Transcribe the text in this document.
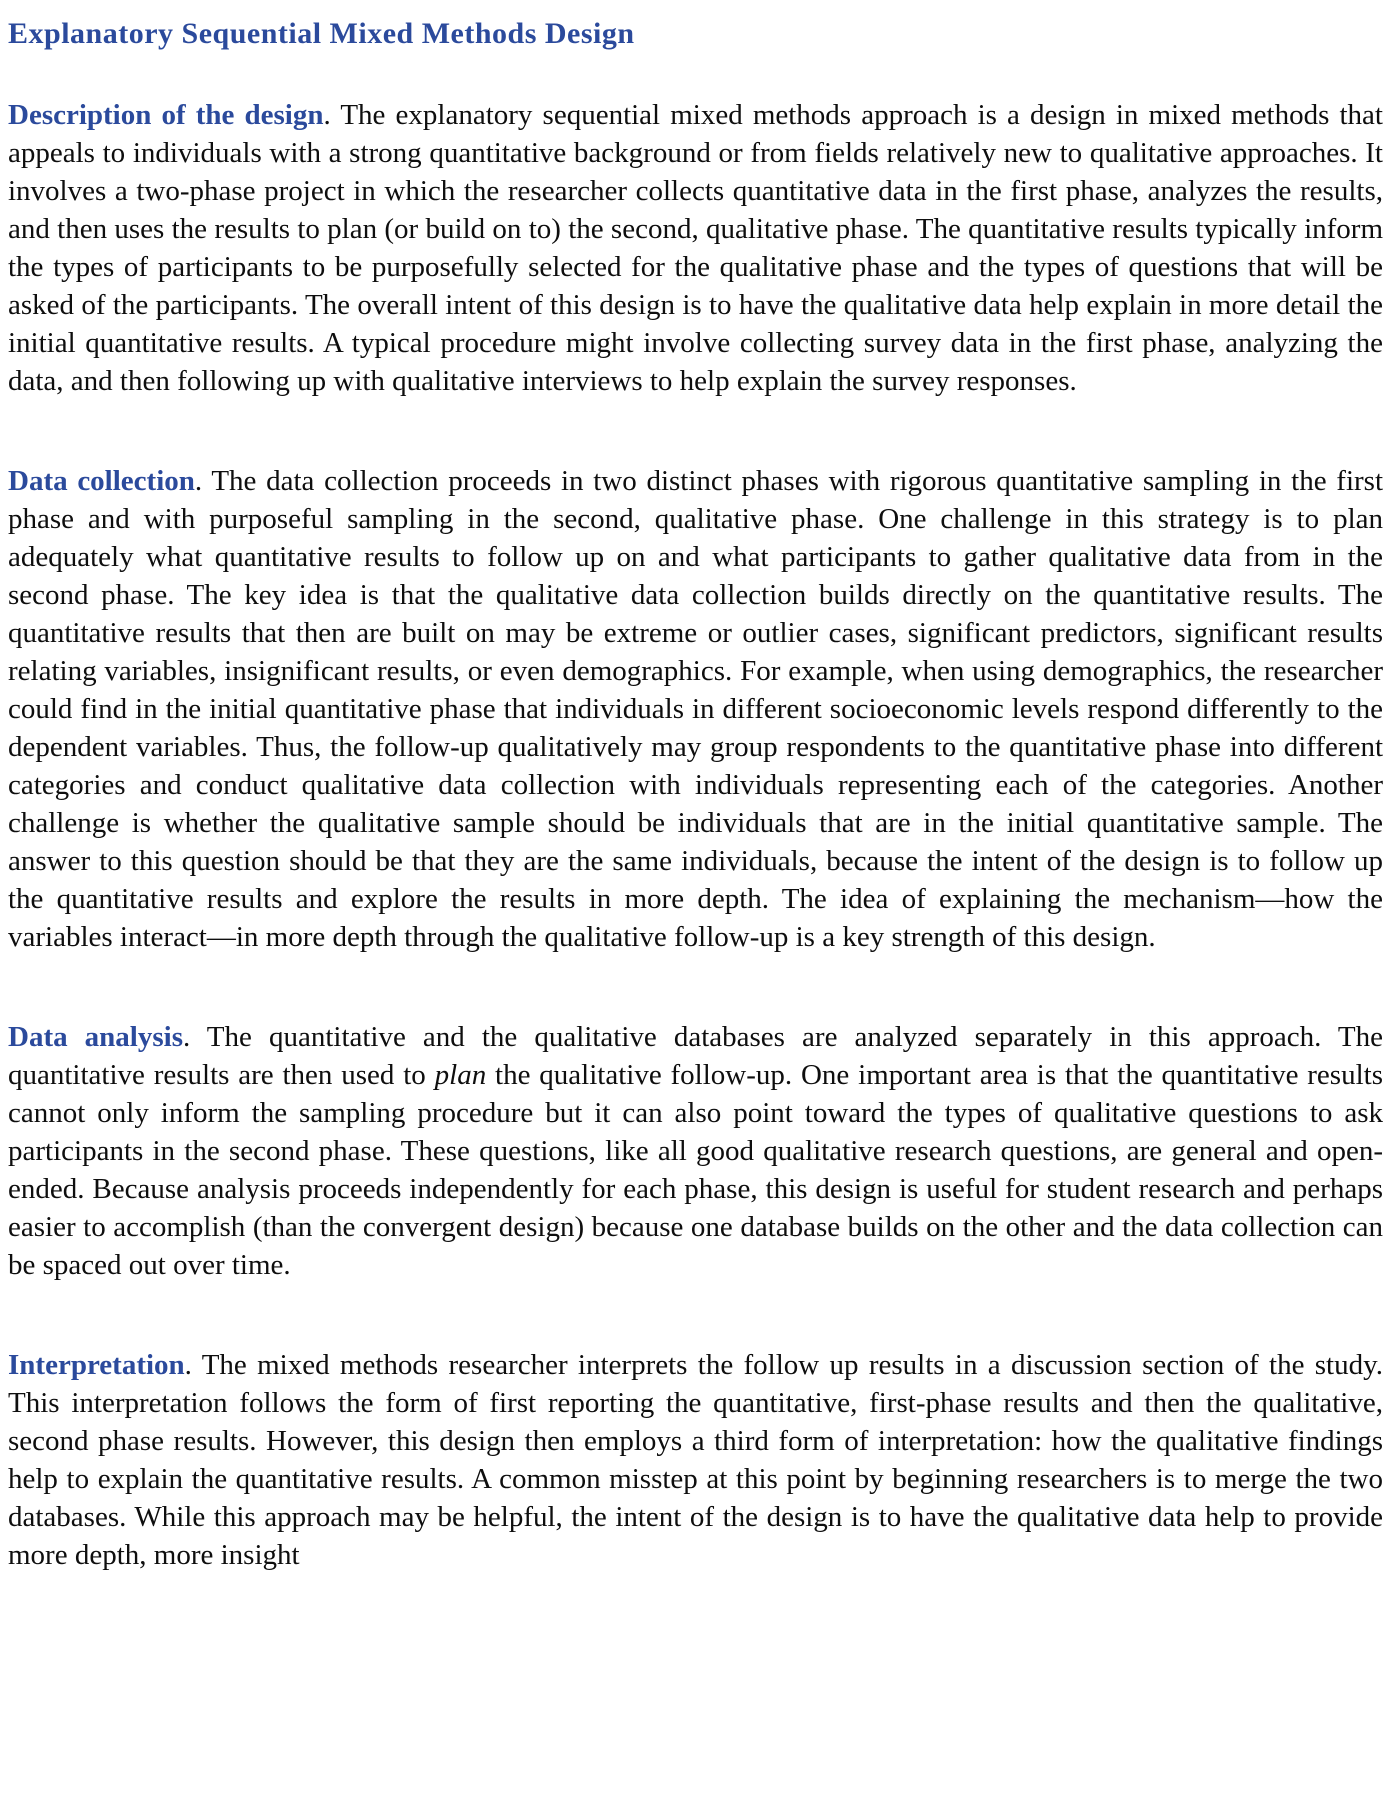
Explanatory Sequential Mixed Methods Design

Description of the design. The explanatory sequential mixed methods approach is a design in mixed methods that appeals to individuals with a strong quantitative background or from fields relatively new to qualitative approaches. It involves a two-phase project in which the researcher collects quantitative data in the first phase, analyzes the results, and then uses the results to plan (or build on to) the second, qualitative phase. The quantitative results typically inform the types of participants to be purposefully selected for the qualitative phase and the types of questions that will be asked of the participants. The overall intent of this design is to have the qualitative data help explain in more detail the initial quantitative results. A typical procedure might involve collecting survey data in the first phase, analyzing the data, and then following up with qualitative interviews to help explain the survey responses.

Data collection. The data collection proceeds in two distinct phases with rigorous quantitative sampling in the first phase and with purposeful sampling in the second, qualitative phase. One challenge in this strategy is to plan adequately what quantitative results to follow up on and what participants to gather qualitative data from in the second phase. The key idea is that the qualitative data collection builds directly on the quantitative results. The quantitative results that then are built on may be extreme or outlier cases, significant predictors, significant results relating variables, insignificant results, or even demographics. For example, when using demographics, the researcher could find in the initial quantitative phase that individuals in different socioeconomic levels respond differently to the dependent variables. Thus, the follow-up qualitatively may group respondents to the quantitative phase into different categories and conduct qualitative data collection with individuals representing each of the categories. Another challenge is whether the qualitative sample should be individuals that are in the initial quantitative sample. The answer to this question should be that they are the same individuals, because the intent of the design is to follow up the quantitative results and explore the results in more depth. The idea of explaining the mechanism—how the variables interact—in more depth through the qualitative follow-up is a key strength of this design.

Data analysis. The quantitative and the qualitative databases are analyzed separately in this approach. The quantitative results are then used to plan the qualitative follow-up. One important area is that the quantitative results cannot only inform the sampling procedure but it can also point toward the types of qualitative questions to ask participants in the second phase. These questions, like all good qualitative research questions, are general and open-ended. Because analysis proceeds independently for each phase, this design is useful for student research and perhaps easier to accomplish (than the convergent design) because one database builds on the other and the data collection can be spaced out over time.

Interpretation. The mixed methods researcher interprets the follow up results in a discussion section of the study. This interpretation follows the form of first reporting the quantitative, first-phase results and then the qualitative, second phase results. However, this design then employs a third form of interpretation: how the qualitative findings help to explain the quantitative results. A common misstep at this point by beginning researchers is to merge the two databases. While this approach may be helpful, the intent of the design is to have the qualitative data help to provide more depth, more insight
